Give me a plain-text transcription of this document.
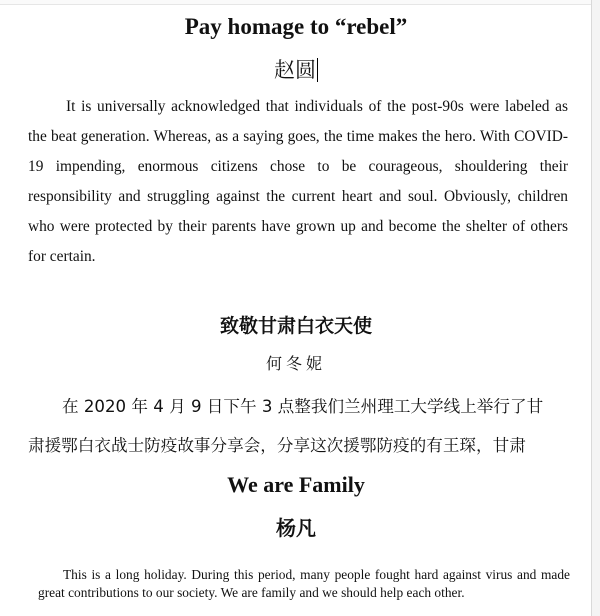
Pay homage to “rebel”

赵圆

It is universally acknowledged that individuals of the post-90s were labeled as the beat generation. Whereas, as a saying goes, the time makes the hero. With COVID-19 impending, enormous citizens chose to be courageous, shouldering their responsibility and struggling against the current heart and soul. Obviously, children who were protected by their parents have grown up and become the shelter of others for certain.

致敬甘肃白衣天使

何冬妮

在 2020 年 4 月 9 日下午 3 点整我们兰州理工大学线上举行了甘

肃援鄂白衣战士防疫故事分享会，分享这次援鄂防疫的有王琛，甘肃

We are Family

杨凡

This is a long holiday. During this period, many people fought hard against virus and made great contributions to our society. We are family and we should help each other.
